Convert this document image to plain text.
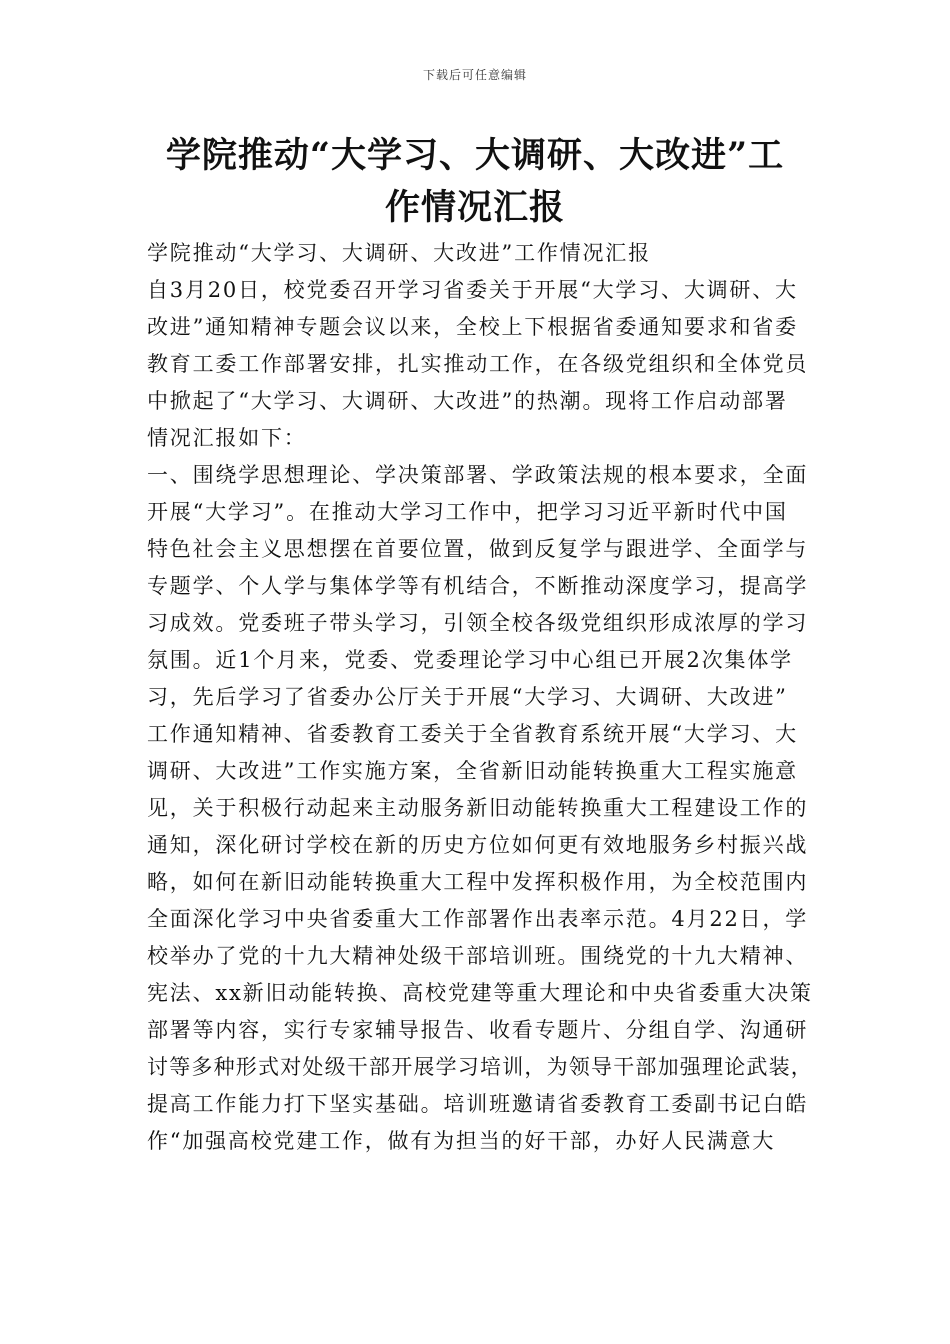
下载后可任意编辑
学院推动“大学习、大调研、大改进”工
作情况汇报
学院推动“大学习、大调研、大改进”工作情况汇报
自3月20日，校党委召开学习省委关于开展“大学习、大调研、大
改进”通知精神专题会议以来，全校上下根据省委通知要求和省委
教育工委工作部署安排，扎实推动工作，在各级党组织和全体党员
中掀起了“大学习、大调研、大改进”的热潮。现将工作启动部署
情况汇报如下：
一、围绕学思想理论、学决策部署、学政策法规的根本要求，全面
开展“大学习”。在推动大学习工作中，把学习习近平新时代中国
特色社会主义思想摆在首要位置，做到反复学与跟进学、全面学与
专题学、个人学与集体学等有机结合，不断推动深度学习，提高学
习成效。党委班子带头学习，引领全校各级党组织形成浓厚的学习
氛围。近1个月来，党委、党委理论学习中心组已开展2次集体学
习，先后学习了省委办公厅关于开展“大学习、大调研、大改进”
工作通知精神、省委教育工委关于全省教育系统开展“大学习、大
调研、大改进”工作实施方案，全省新旧动能转换重大工程实施意
见，关于积极行动起来主动服务新旧动能转换重大工程建设工作的
通知，深化研讨学校在新的历史方位如何更有效地服务乡村振兴战
略，如何在新旧动能转换重大工程中发挥积极作用，为全校范围内
全面深化学习中央省委重大工作部署作出表率示范。4月22日，学
校举办了党的十九大精神处级干部培训班。围绕党的十九大精神、
宪法、xx新旧动能转换、高校党建等重大理论和中央省委重大决策
部署等内容，实行专家辅导报告、收看专题片、分组自学、沟通研
讨等多种形式对处级干部开展学习培训，为领导干部加强理论武装，
提高工作能力打下坚实基础。培训班邀请省委教育工委副书记白皓
作“加强高校党建工作，做有为担当的好干部，办好人民满意大
